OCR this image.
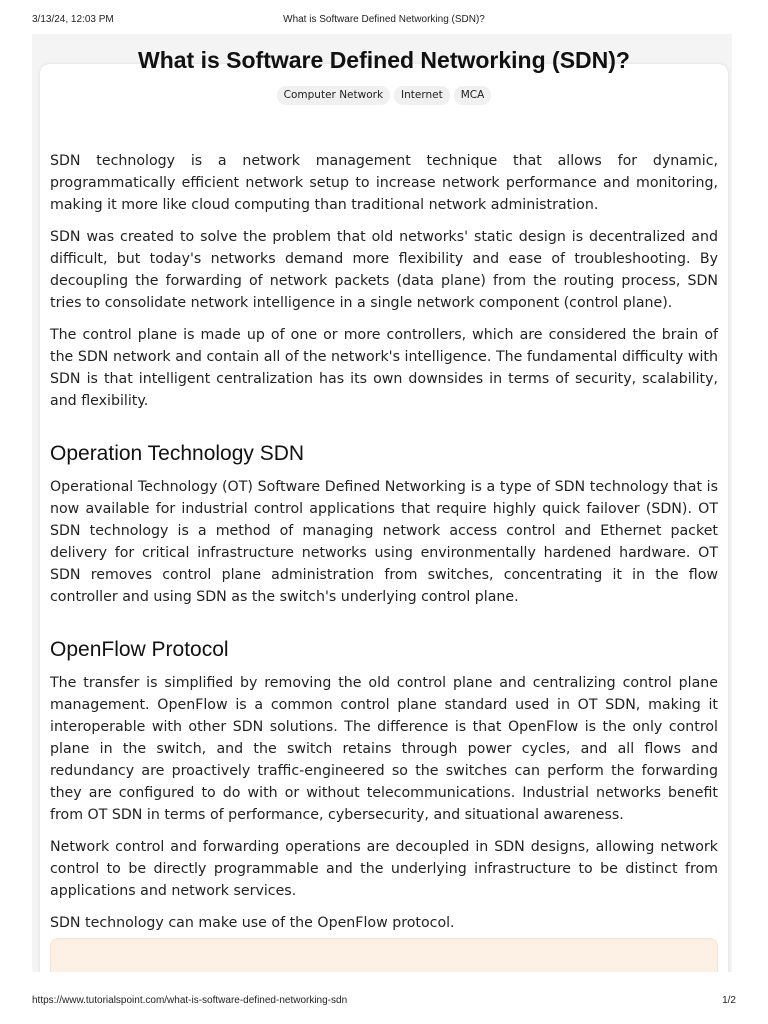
3/13/24, 12:03 PM	What is Software Defined Networking (SDN)?
What is Software Defined Networking (SDN)?
Computer Network Internet MCA

SDN technology is a network management technique that allows for dynamic, programmatically efficient network setup to increase network performance and monitoring, making it more like cloud computing than traditional network administration.

SDN was created to solve the problem that old networks' static design is decentralized and difficult, but today's networks demand more flexibility and ease of troubleshooting. By decoupling the forwarding of network packets (data plane) from the routing process, SDN tries to consolidate network intelligence in a single network component (control plane).

The control plane is made up of one or more controllers, which are considered the brain of the SDN network and contain all of the network's intelligence. The fundamental difficulty with SDN is that intelligent centralization has its own downsides in terms of security, scalability, and flexibility.

Operation Technology SDN

Operational Technology (OT) Software Defined Networking is a type of SDN technology that is now available for industrial control applications that require highly quick failover (SDN). OT SDN technology is a method of managing network access control and Ethernet packet delivery for critical infrastructure networks using environmentally hardened hardware. OT SDN removes control plane administration from switches, concentrating it in the flow controller and using SDN as the switch's underlying control plane.

OpenFlow Protocol

The transfer is simplified by removing the old control plane and centralizing control plane management. OpenFlow is a common control plane standard used in OT SDN, making it interoperable with other SDN solutions. The difference is that OpenFlow is the only control plane in the switch, and the switch retains through power cycles, and all flows and redundancy are proactively traffic-engineered so the switches can perform the forwarding they are configured to do with or without telecommunications. Industrial networks benefit from OT SDN in terms of performance, cybersecurity, and situational awareness.

Network control and forwarding operations are decoupled in SDN designs, allowing network control to be directly programmable and the underlying infrastructure to be distinct from applications and network services.

SDN technology can make use of the OpenFlow protocol.

https://www.tutorialspoint.com/what-is-software-defined-networking-sdn	1/2
